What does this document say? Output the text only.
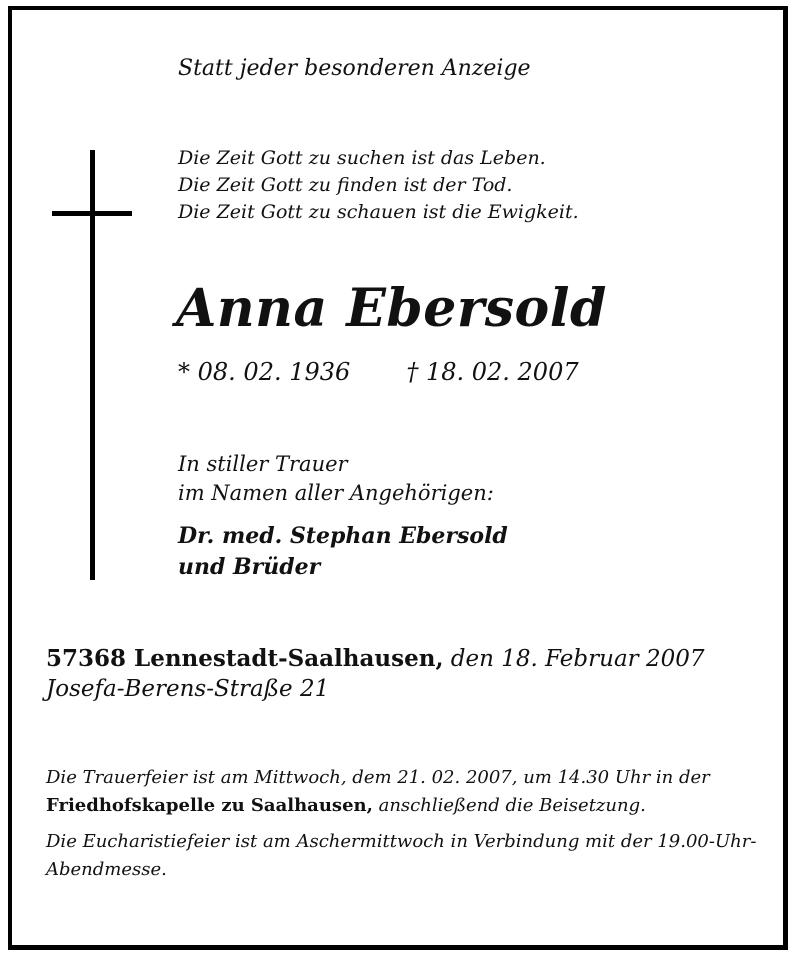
Statt jeder besonderen Anzeige
Die Zeit Gott zu suchen ist das Leben.
Die Zeit Gott zu finden ist der Tod.
Die Zeit Gott zu schauen ist die Ewigkeit.
Anna Ebersold
* 08. 02. 1936 † 18. 02. 2007
In stiller Trauer
im Namen aller Angehörigen:
Dr. med. Stephan Ebersold
und Brüder
57368 Lennestadt-Saalhausen, den 18. Februar 2007
Josefa-Berens-Straße 21

Die Trauerfeier ist am Mittwoch, dem 21. 02. 2007, um 14.30 Uhr in der Friedhofskapelle zu Saalhausen, anschließend die Beisetzung.

Die Eucharistiefeier ist am Aschermittwoch in Verbindung mit der 19.00-Uhr-Abendmesse.
